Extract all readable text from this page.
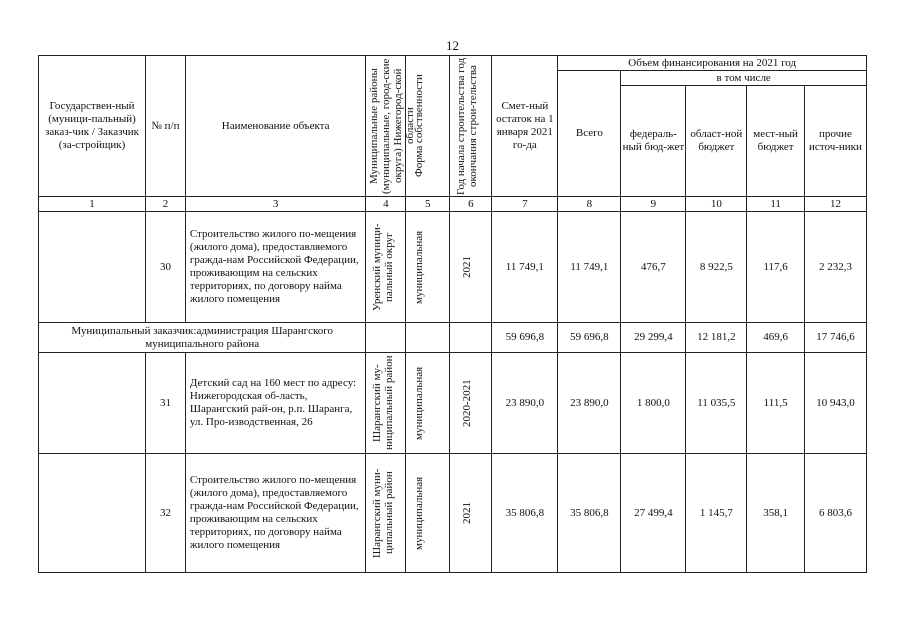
12
Государствен-ный (муници-пальный) заказ-чик / Заказчик (за-стройщик)	№ п/п	Наименование объекта	Муниципальные районы (муниципальные, город-ские округа) Нижегород-ской области	Форма собственности	Год начала строительства год окончания строи-тельства	Смет-ный остаток на 1 января 2021 го-да	Объем финансирования на 2021 год				
							Всего	в том числе			
								федераль-ный бюд-жет	област-ной бюджет	мест-ный бюджет	прочие источ-ники
1	2	3	4	5	6	7	8	9	10	11	12
	30	Строительство жилого по-мещения (жилого дома), предоставляемого гражда-нам Российской Федерации, проживающим на сельских территориях, по договору найма жилого помещения	Уренский муници-пальный округ	муниципальная	2021	11 749,1	11 749,1	476,7	8 922,5	117,6	2 232,3
Муниципальный заказчик:администрация Шарангского муниципального района						59 696,8	59 696,8	29 299,4	12 181,2	469,6	17 746,6
	31	Детский сад на 160 мест по адресу: Нижегородская об-ласть, Шарангский рай-он, р.п. Шаранга, ул. Про-изводственная, 26	Шарангский му-ниципальный район	муниципальная	2020-2021	23 890,0	23 890,0	1 800,0	11 035,5	111,5	10 943,0
	32	Строительство жилого по-мещения (жилого дома), предоставляемого гражда-нам Российской Федерации, проживающим на сельских территориях, по договору найма жилого помещения	Шарангский муни-ципальный район	муниципальная	2021	35 806,8	35 806,8	27 499,4	1 145,7	358,1	6 803,6
